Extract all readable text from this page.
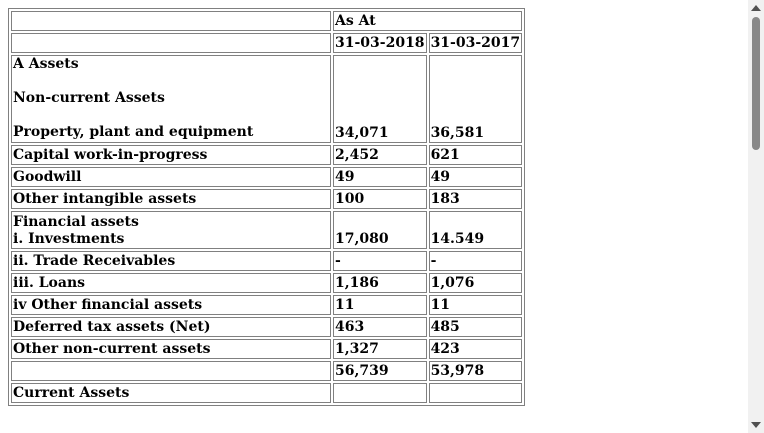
	As At	
	31-03-2018	31-03-2017

A Assets
Non-current Assets
Property, plant and equipment	34,071	36,581
Capital work-in-progress	2,452	621
Goodwill	49	49
Other intangible assets	100	183

Financial assets
i. Investments	17,080	14.549
ii. Trade Receivables	-	-
iii. Loans	1,186	1,076
iv Other financial assets	11	11
Deferred tax assets (Net)	463	485
Other non-current assets	1,327	423
	56,739	53,978
Current Assets		
